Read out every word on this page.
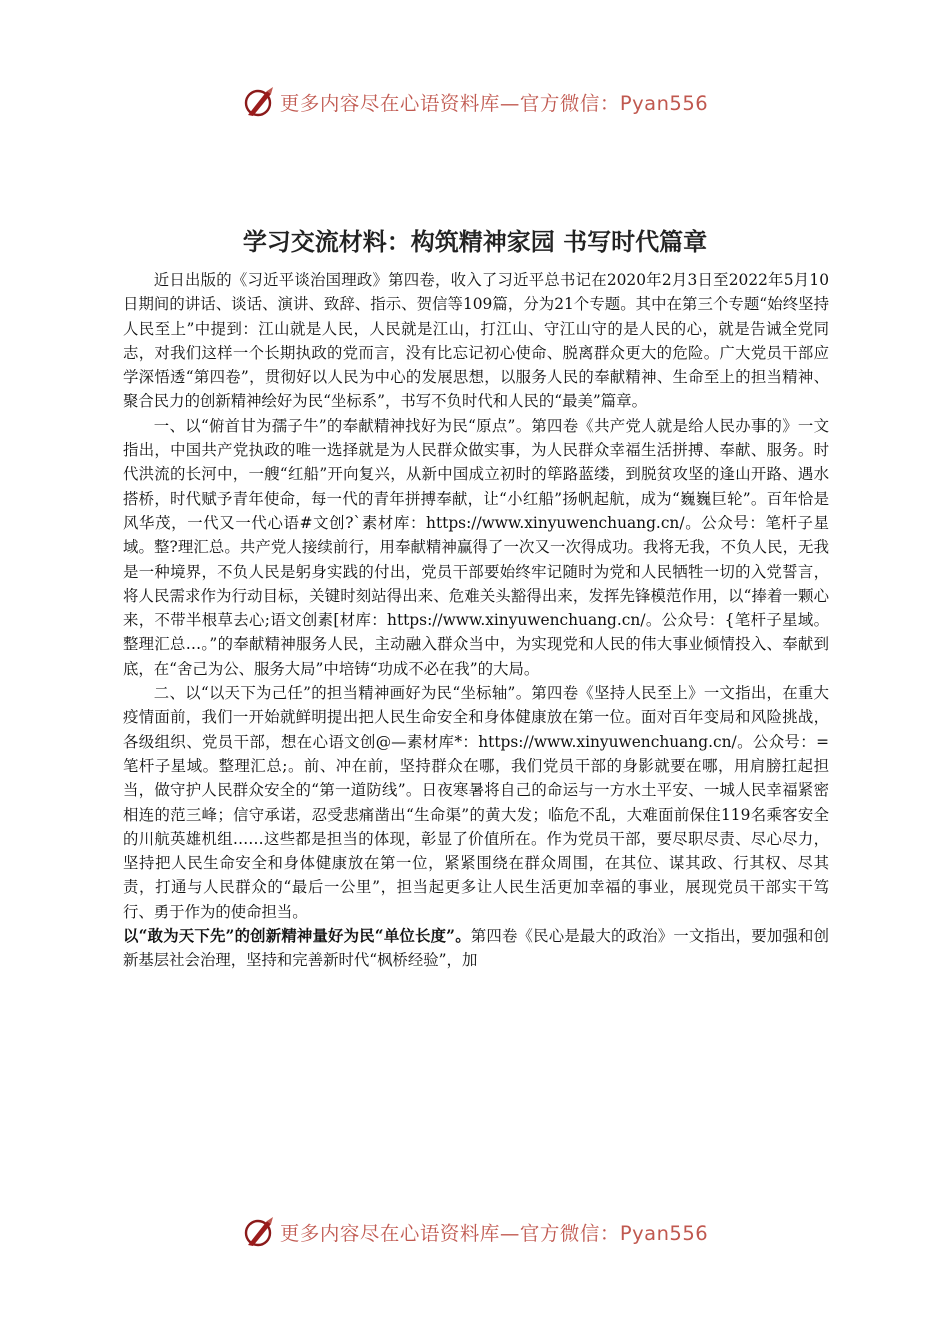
更多内容尽在心语资料库—官方微信：Pyan556
学习交流材料：构筑精神家园 书写时代篇章

近日出版的《习近平谈治国理政》第四卷，收入了习近平总书记在2020年2月3日至2022年5月10日期间的讲话、谈话、演讲、致辞、指示、贺信等109篇，分为21个专题。其中在第三个专题“始终坚持人民至上”中提到：江山就是人民，人民就是江山，打江山、守江山守的是人民的心，就是告诫全党同志，对我们这样一个长期执政的党而言，没有比忘记初心使命、脱离群众更大的危险。广大党员干部应学深悟透“第四卷”，贯彻好以人民为中心的发展思想，以服务人民的奉献精神、生命至上的担当精神、聚合民力的创新精神绘好为民“坐标系”，书写不负时代和人民的“最美”篇章。

一、以“俯首甘为孺子牛”的奉献精神找好为民“原点”。第四卷《共产党人就是给人民办事的》一文指出，中国共产党执政的唯一选择就是为人民群众做实事，为人民群众幸福生活拼搏、奉献、服务。时代洪流的长河中，一艘“红船”开向复兴，从新中国成立初时的筚路蓝缕，到脱贫攻坚的逢山开路、遇水搭桥，时代赋予青年使命，每一代的青年拼搏奉献，让“小红船”扬帆起航，成为“巍巍巨轮”。百年恰是风华茂，一代又一代心语#文创?`素材库：https://www.xinyuwenchuang.cn/。公众号：笔杆子星域。整?理汇总。共产党人接续前行，用奉献精神赢得了一次又一次得成功。我将无我，不负人民，无我是一种境界，不负人民是躬身实践的付出，党员干部要始终牢记随时为党和人民牺牲一切的入党誓言，将人民需求作为行动目标，关键时刻站得出来、危难关头豁得出来，发挥先锋模范作用，以“捧着一颗心来，不带半根草去心;语文创素[材库：https://www.xinyuwenchuang.cn/。公众号：{笔杆子星域。整理汇总…。”的奉献精神服务人民，主动融入群众当中，为实现党和人民的伟大事业倾情投入、奉献到底，在“舍己为公、服务大局”中培铸“功成不必在我”的大局。

二、以“以天下为己任”的担当精神画好为民“坐标轴”。第四卷《坚持人民至上》一文指出，在重大疫情面前，我们一开始就鲜明提出把人民生命安全和身体健康放在第一位。面对百年变局和风险挑战，各级组织、党员干部，想在心语文创@—素材库*：https://www.xinyuwenchuang.cn/。公众号：=笔杆子星域。整理汇总;。前、冲在前，坚持群众在哪，我们党员干部的身影就要在哪，用肩膀扛起担当，做守护人民群众安全的“第一道防线”。日夜寒暑将自己的命运与一方水土平安、一城人民幸福紧密相连的范三峰；信守承诺，忍受悲痛凿出“生命渠”的黄大发；临危不乱，大难面前保住119名乘客安全的川航英雄机组……这些都是担当的体现，彰显了价值所在。作为党员干部，要尽职尽责、尽心尽力，坚持把人民生命安全和身体健康放在第一位，紧紧围绕在群众周围，在其位、谋其政、行其权、尽其责，打通与人民群众的“最后一公里”，担当起更多让人民生活更加幸福的事业，展现党员干部实干笃行、勇于作为的使命担当。

以“敢为天下先”的创新精神量好为民“单位长度”。第四卷《民心是最大的政治》一文指出，要加强和创新基层社会治理，坚持和完善新时代“枫桥经验”，加

更多内容尽在心语资料库—官方微信：Pyan556
